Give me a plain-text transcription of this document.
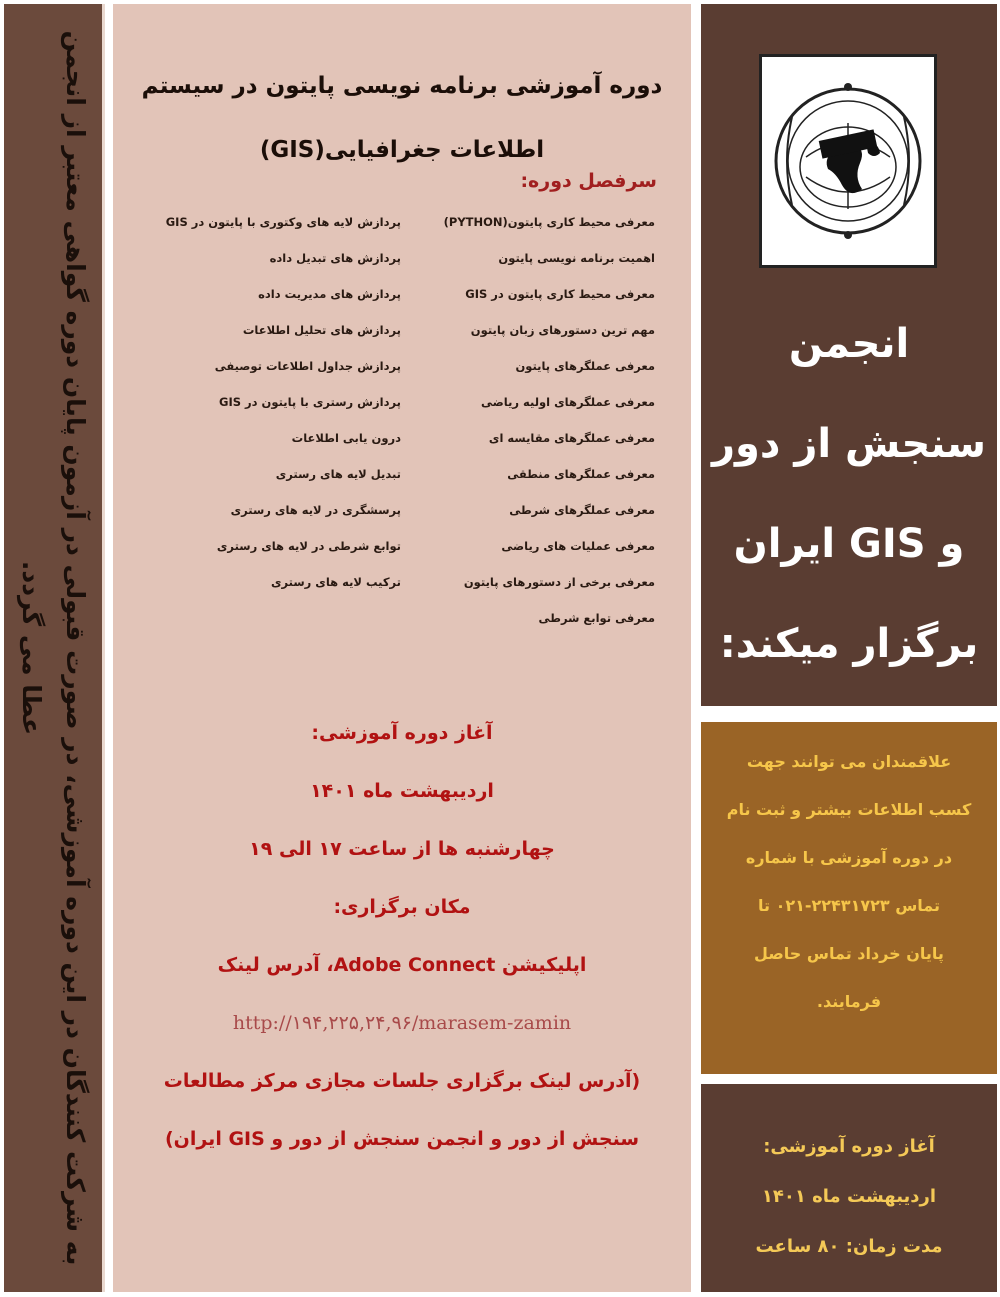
به شرکت کنندگان در این دوره آموزشی، در صورت قبولی در آزمون پایان دوره گواهی معتبر از انجمن عطا می گردد.
دوره آموزشی برنامه نویسی پایتون در سیستم
اطلاعات جغرافیایی(GIS)
سرفصل دوره:
معرفی محیط کاری پایتون(PYTHON)
اهمیت برنامه نویسی پایتون
معرفی محیط کاری پایتون در GIS
مهم ترین دستورهای زبان پایتون
معرفی عملگرهای پایتون
معرفی عملگرهای اولیه ریاضی
معرفی عملگرهای مقایسه ای
معرفی عملگرهای منطقی
معرفی عملگرهای شرطی
معرفی عملیات های ریاضی
معرفی برخی از دستورهای پایتون
معرفی توابع شرطی
پردازش لایه های وکتوری با پایتون در GIS
پردازش های تبدیل داده
پردازش های مدیریت داده
پردازش های تحلیل اطلاعات
پردازش جداول اطلاعات توصیفی
پردازش رستری با پایتون در GIS
درون یابی اطلاعات
تبدیل لایه های رستری
پرسشگری در لایه های رستری
توابع شرطی در لایه های رستری
ترکیب لایه های رستری
آغاز دوره آموزشی:
اردیبهشت ماه ۱۴۰۱
چهارشنبه ها از ساعت ۱۷ الی ۱۹
مکان برگزاری:
اپلیکیشن Adobe Connect، آدرس لینک
http://۱۹۴,۲۲۵,۲۴,۹۶/marasem-zamin
(آدرس لینک برگزاری جلسات مجازی مرکز مطالعات
سنجش از دور و انجمن سنجش از دور و GIS ایران)
انجمن
سنجش از دور
و GIS ایران
برگزار میکند:
علاقمندان می توانند جهت
کسب اطلاعات بیشتر و ثبت نام
در دوره آموزشی با شماره
تماس ۲۲۴۳۱۷۲۳-۰۲۱ تا
پایان خرداد تماس حاصل
فرمایند.
آغاز دوره آموزشی:
اردیبهشت ماه ۱۴۰۱
مدت زمان: ۸۰ ساعت
